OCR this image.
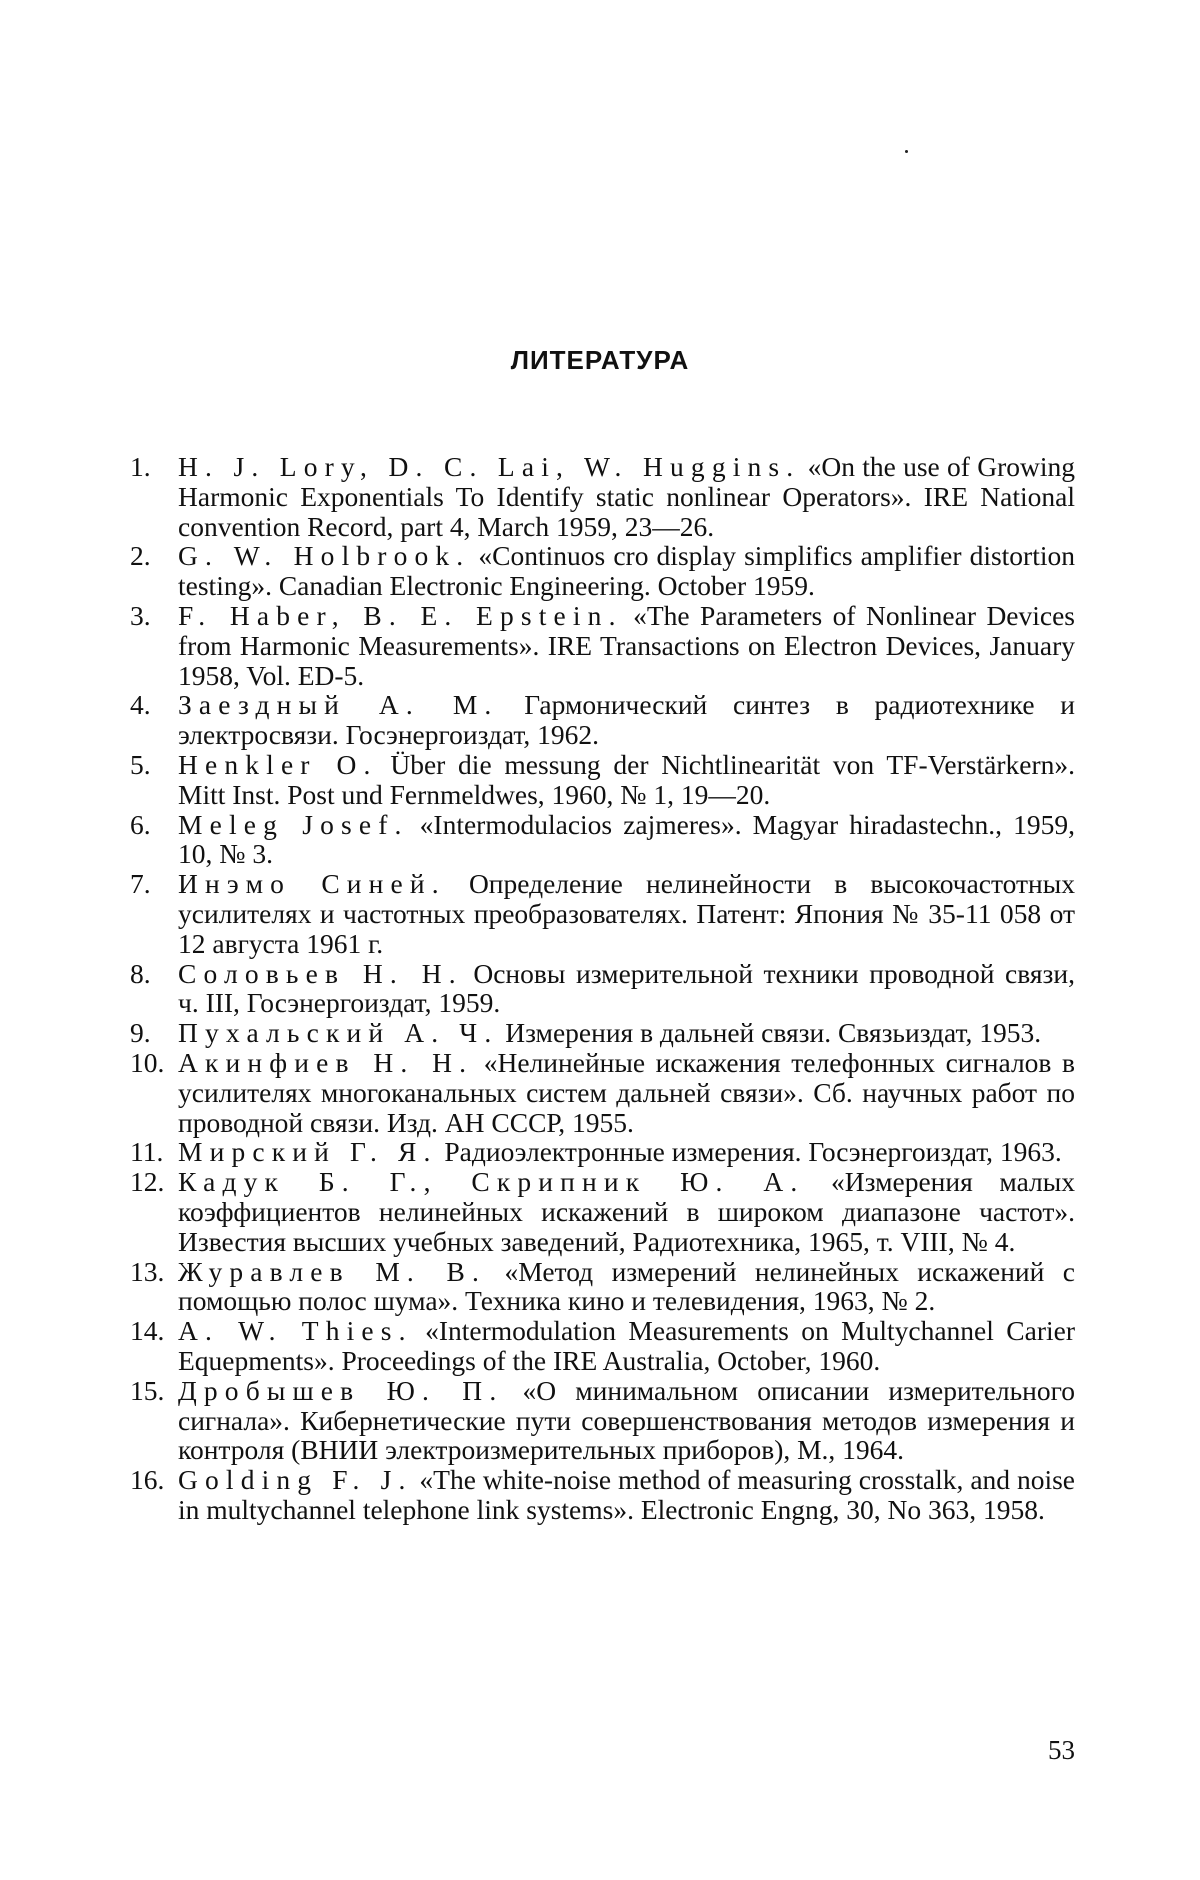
ЛИТЕРАТУРА
1. H. J. Lory, D. C. Lai, W. Huggins. «On the use of Growing Harmonic Exponentials To Identify static nonlinear Operators». IRE National convention Record, part 4, March 1959, 23—26.
2. G. W. Holbrook. «Continuos cro display simplifics amplifier distortion testing». Canadian Electronic Engineering. October 1959.
3. F. Haber, B. E. Epstein. «The Parameters of Nonlinear Devices from Harmonic Measurements». IRE Transactions on Electron Devices, January 1958, Vol. ED-5.
4. Заездный А. М. Гармонический синтез в радиотехнике и электросвязи. Госэнергоиздат, 1962.
5. Henkler O. Über die messung der Nichtlinearität von TF-Verstärkern». Mitt Inst. Post und Fernmeldwes, 1960, № 1, 19—20.
6. Meleg Josef. «Intermodulacios zajmeres». Magyar hiradastechn., 1959, 10, № 3.
7. Инэмо Синей. Определение нелинейности в высокочастотных усилителях и частотных преобразователях. Патент: Япония № 35-11 058 от 12 августа 1961 г.
8. Соловьев Н. Н. Основы измерительной техники проводной связи, ч. III, Госэнергоиздат, 1959.
9. Пухальский А. Ч. Измерения в дальней связи. Связьиздат, 1953.
10. Акинфиев Н. Н. «Нелинейные искажения телефонных сигналов в усилителях многоканальных систем дальней связи». Сб. научных работ по проводной связи. Изд. АН СССР, 1955.
11. Мирский Г. Я. Радиоэлектронные измерения. Госэнергоиздат, 1963.
12. Кадук Б. Г., Скрипник Ю. А. «Измерения малых коэффициентов нелинейных искажений в широком диапазоне частот». Известия высших учебных заведений, Радиотехника, 1965, т. VIII, № 4.
13. Журавлев М. В. «Метод измерений нелинейных искажений с помощью полос шума». Техника кино и телевидения, 1963, № 2.
14. A. W. Thies. «Intermodulation Measurements on Multychannel Carier Equepments». Proceedings of the IRE Australia, October, 1960.
15. Дробышев Ю. П. «О минимальном описании измерительного сигнала». Кибернетические пути совершенствования методов измерения и контроля (ВНИИ электроизмерительных приборов), М., 1964.
16. Golding F. J. «The white-noise method of measuring crosstalk, and noise in multychannel telephone link systems». Electronic Engng, 30, No 363, 1958.
53
